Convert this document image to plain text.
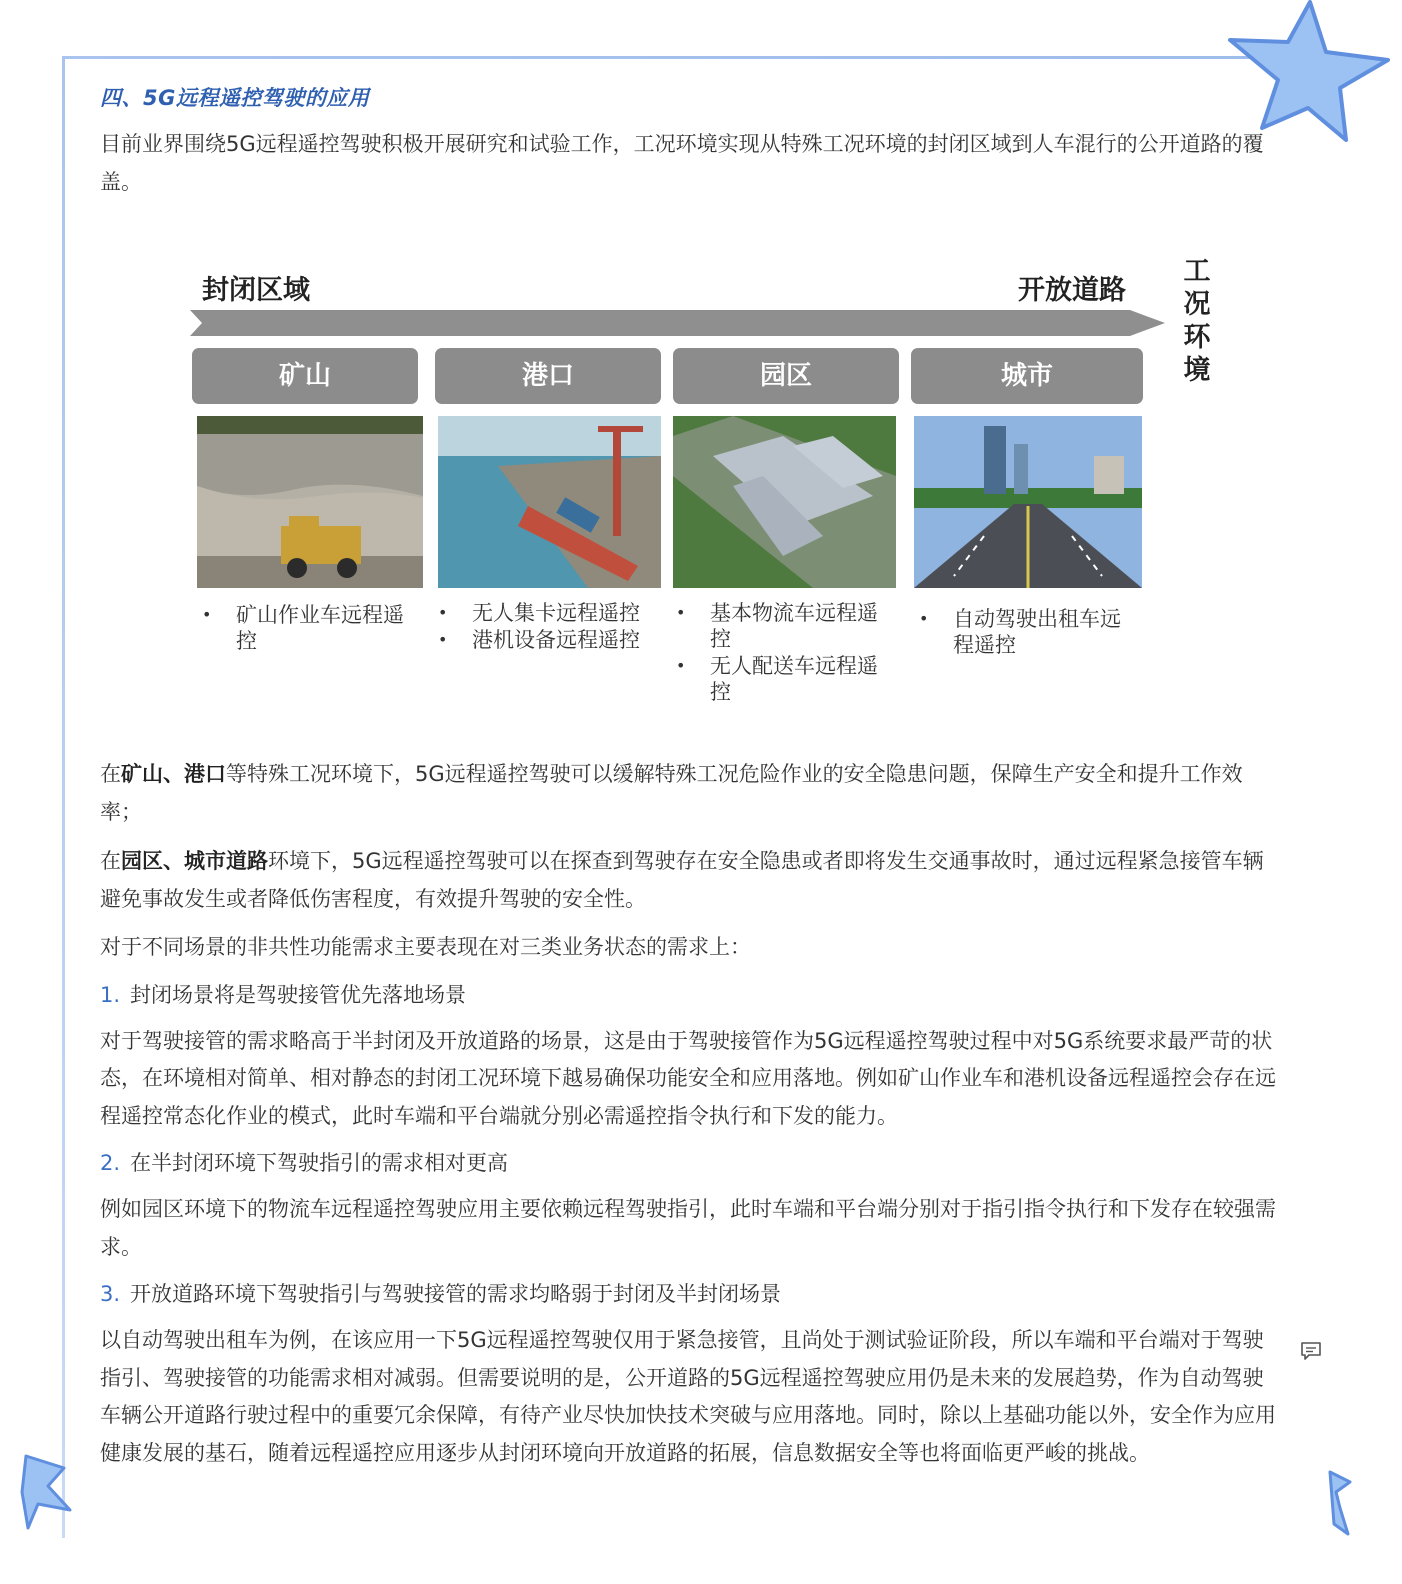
四、5G远程遥控驾驶的应用

目前业界围绕5G远程遥控驾驶积极开展研究和试验工作，工况环境实现从特殊工况环境的封闭区域到人车混行的公开道路的覆盖。

封闭区域	开放道路
工
况
环
境
矿山	港口	园区	城市
• 矿山作业车远程遥控
• 无人集卡远程遥控
• 港机设备远程遥控
• 基本物流车远程遥控
• 无人配送车远程遥控
• 自动驾驶出租车远程遥控

在矿山、港口等特殊工况环境下，5G远程遥控驾驶可以缓解特殊工况危险作业的安全隐患问题，保障生产安全和提升工作效率；

在园区、城市道路环境下，5G远程遥控驾驶可以在探查到驾驶存在安全隐患或者即将发生交通事故时，通过远程紧急接管车辆避免事故发生或者降低伤害程度，有效提升驾驶的安全性。

对于不同场景的非共性功能需求主要表现在对三类业务状态的需求上：

1. 封闭场景将是驾驶接管优先落地场景

对于驾驶接管的需求略高于半封闭及开放道路的场景，这是由于驾驶接管作为5G远程遥控驾驶过程中对5G系统要求最严苛的状态，在环境相对简单、相对静态的封闭工况环境下越易确保功能安全和应用落地。例如矿山作业车和港机设备远程遥控会存在远程遥控常态化作业的模式，此时车端和平台端就分别必需遥控指令执行和下发的能力。

2. 在半封闭环境下驾驶指引的需求相对更高

例如园区环境下的物流车远程遥控驾驶应用主要依赖远程驾驶指引，此时车端和平台端分别对于指引指令执行和下发存在较强需求。

3. 开放道路环境下驾驶指引与驾驶接管的需求均略弱于封闭及半封闭场景

以自动驾驶出租车为例，在该应用一下5G远程遥控驾驶仅用于紧急接管，且尚处于测试验证阶段，所以车端和平台端对于驾驶指引、驾驶接管的功能需求相对减弱。但需要说明的是，公开道路的5G远程遥控驾驶应用仍是未来的发展趋势，作为自动驾驶车辆公开道路行驶过程中的重要冗余保障，有待产业尽快加快技术突破与应用落地。同时，除以上基础功能以外，安全作为应用健康发展的基石，随着远程遥控应用逐步从封闭环境向开放道路的拓展，信息数据安全等也将面临更严峻的挑战。
